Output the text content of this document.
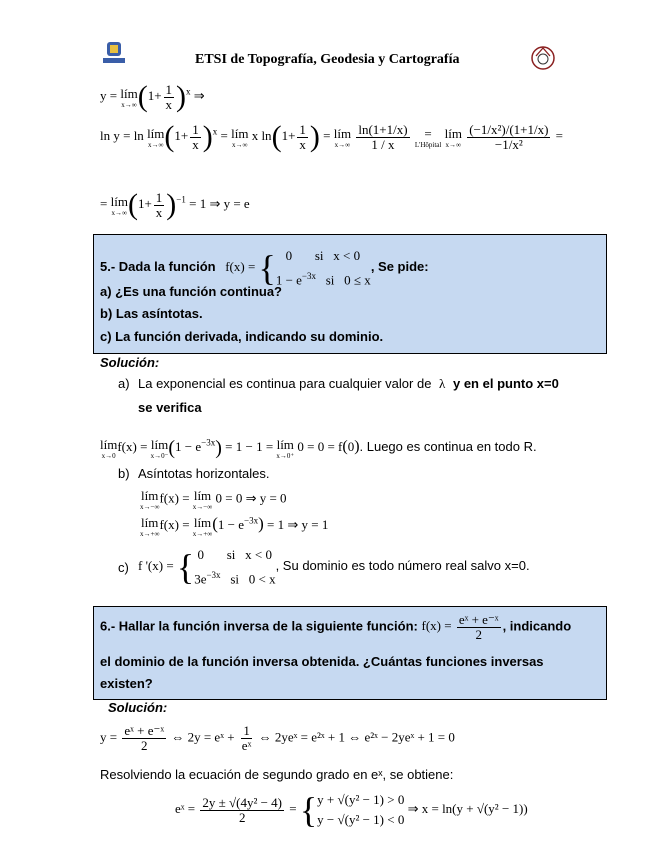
ETSI de Topografía, Geodesia y Cartografía
y = lím
x→∞ $(1+ \frac{1}{x} )^x$ ⇒
ln y = ln lím
x→∞ $(1+ \frac{1}{x} )^x$ = lím
x→∞
x $\ln(1+ \frac{1}{x}$ ) = lím
x→∞
$\frac{\ln(1+1/x)}{1 / x}$ =
L'Hôpital
lím
x→∞
$\frac{\text{(−1/x²)/(1+1/x)}}{\text{−1/x²}}$ =
= lím
x→∞ $(1+ \frac{1}{x} )^{-1} = 1$ ⇒ y = e
5.- Dada la función f(x) = { 0       si   x < 0
$1 - e^{-3x}$   si   0 ≤ x
, Se pide:
a) ¿Es una función continua?
b) Las asíntotas.
c) La función derivada, indicando su dominio.
Solución:
a) La exponencial es continua para cualquier valor de λ y en el punto x=0
se verifica
lím
x→0
f(x) = lím
x→0⁻ $(1 - e^{-3x}) = 1 - 1$ = lím
x→0⁺
0 = 0 = f(0). Luego es continua en todo R.
b) Asíntotas horizontales.
lím
x→−∞
f(x) = lím
x→−∞
0 = 0 ⇒ y = 0
lím
x→+∞
f(x) = lím
x→+∞
$(1 - e^{-3x}) = 1$ ⇒ y = 1
c) f '(x) = { 0       si   x < 0
$3e^{-3x}$   si   0 < x
, Su dominio es todo número real salvo x=0.
6.- Hallar la función inversa de la siguiente función: $f(x) = \frac{\text{eˣ + e⁻ˣ}}{2}$ , indicando
el dominio de la función inversa obtenida. ¿Cuántas funciones inversas
existen?
Solución:
$y = \frac{\text{eˣ + e⁻ˣ}}{2}$ ⇔ 2y = eˣ + $\frac{1}{\text{eˣ}}$ ⇔ 2yeˣ = e²ˣ + 1 ⇔ e²ˣ − 2yeˣ + 1 = 0
Resolviendo la ecuación de segundo grado en eˣ, se obtiene:
eˣ = $\frac{\text{2y ± √(4y² − 4)}}{2}$ = { y + √(y² − 1) > 0
y − √(y² − 1) < 0
⇒ x = ln(y + √(y² − 1))
